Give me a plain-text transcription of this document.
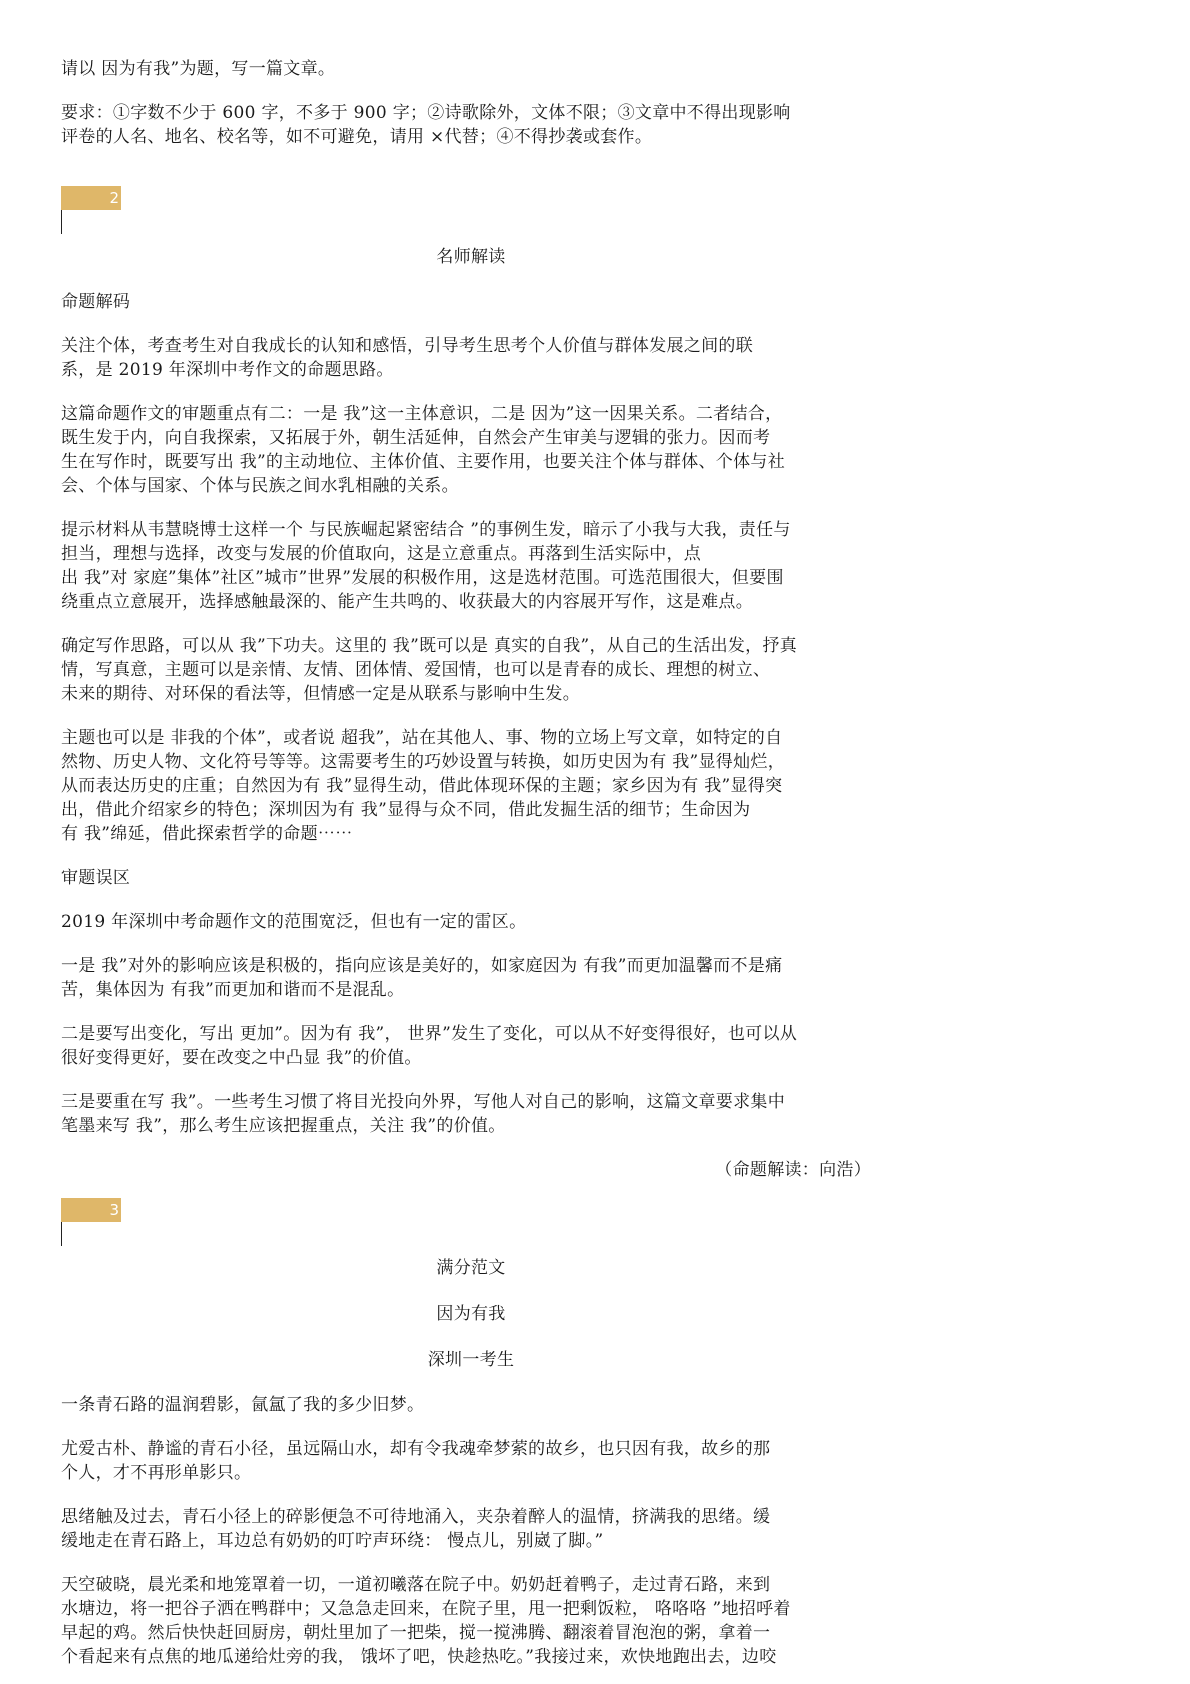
请以 因为有我”为题，写一篇文章。
要求：①字数不少于 600 字，不多于 900 字；②诗歌除外，文体不限；③文章中不得出现影响
评卷的人名、地名、校名等，如不可避免，请用 ×代替；④不得抄袭或套作。
2
名师解读
命题解码
关注个体，考查考生对自我成长的认知和感悟，引导考生思考个人价值与群体发展之间的联
系，是 2019 年深圳中考作文的命题思路。
这篇命题作文的审题重点有二：一是 我”这一主体意识，二是 因为”这一因果关系。二者结合，
既生发于内，向自我探索，又拓展于外，朝生活延伸，自然会产生审美与逻辑的张力。因而考
生在写作时，既要写出 我”的主动地位、主体价值、主要作用，也要关注个体与群体、个体与社
会、个体与国家、个体与民族之间水乳相融的关系。
提示材料从韦慧晓博士这样一个 与民族崛起紧密结合 ”的事例生发，暗示了小我与大我，责任与
担当，理想与选择，改变与发展的价值取向，这是立意重点。再落到生活实际中，点
出 我”对 家庭”集体”社区”城市”世界”发展的积极作用，这是选材范围。可选范围很大，但要围
绕重点立意展开，选择感触最深的、能产生共鸣的、收获最大的内容展开写作，这是难点。
确定写作思路，可以从 我”下功夫。这里的 我”既可以是 真实的自我”，从自己的生活出发，抒真
情，写真意，主题可以是亲情、友情、团体情、爱国情，也可以是青春的成长、理想的树立、
未来的期待、对环保的看法等，但情感一定是从联系与影响中生发。
主题也可以是 非我的个体”，或者说 超我”，站在其他人、事、物的立场上写文章，如特定的自
然物、历史人物、文化符号等等。这需要考生的巧妙设置与转换，如历史因为有 我”显得灿烂，
从而表达历史的庄重；自然因为有 我”显得生动，借此体现环保的主题；家乡因为有 我”显得突
出，借此介绍家乡的特色；深圳因为有 我”显得与众不同，借此发掘生活的细节；生命因为
有 我”绵延，借此探索哲学的命题⋯⋯
审题误区
2019 年深圳中考命题作文的范围宽泛，但也有一定的雷区。
一是 我”对外的影响应该是积极的，指向应该是美好的，如家庭因为 有我”而更加温馨而不是痛
苦，集体因为 有我”而更加和谐而不是混乱。
二是要写出变化，写出 更加”。因为有 我”， 世界”发生了变化，可以从不好变得很好，也可以从
很好变得更好，要在改变之中凸显 我”的价值。
三是要重在写 我”。一些考生习惯了将目光投向外界，写他人对自己的影响，这篇文章要求集中
笔墨来写 我”，那么考生应该把握重点，关注 我”的价值。
（命题解读：向浩）
3
满分范文
因为有我
深圳一考生
一条青石路的温润碧影，氤氲了我的多少旧梦。
尤爱古朴、静谧的青石小径，虽远隔山水，却有令我魂牵梦萦的故乡，也只因有我，故乡的那
个人，才不再形单影只。
思绪触及过去，青石小径上的碎影便急不可待地涌入，夹杂着醉人的温情，挤满我的思绪。缓
缓地走在青石路上，耳边总有奶奶的叮咛声环绕： 慢点儿，别崴了脚。”
天空破晓，晨光柔和地笼罩着一切，一道初曦落在院子中。奶奶赶着鸭子，走过青石路，来到
水塘边，将一把谷子洒在鸭群中；又急急走回来，在院子里，甩一把剩饭粒， 咯咯咯 ”地招呼着
早起的鸡。然后快快赶回厨房，朝灶里加了一把柴，搅一搅沸腾、翻滚着冒泡泡的粥，拿着一
个看起来有点焦的地瓜递给灶旁的我， 饿坏了吧，快趁热吃。”我接过来，欢快地跑出去，边咬
